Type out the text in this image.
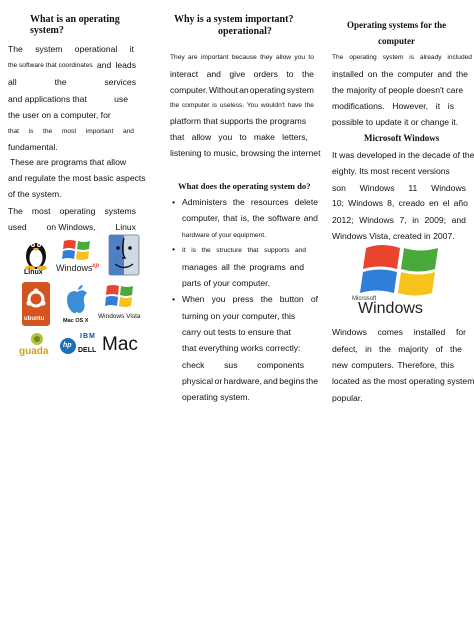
What is an operating system?
The system operational it
the software that coordinates and leads
all	the	services
and applications that	use
the user on a computer, for
that is the most important and
fundamental.
These are programs that allow
and regulate the most basic aspects
of the system.
The most operating systems
used on Windows, Linux
Linux Windows xp
ubuntu	Mac OS X
Windows Vista
guada
hp
IBM
DELL Mac
Why is a system important?
operational?
They are important because they allow you to
interact and give orders to the
computer. Without an operating system
the computer is useless. You wouldn't have the
platform that supports the programs
that allow you to make letters,
listening to music, browsing the internet
What does the operating system do?
Administers the resources delete
computer, that is, the software and
hardware of your equipment.
It is the structure that supports and
manages all the programs and
parts of your computer.
When you press the button of
turning on your computer, this
carry out tests to ensure that
that everything works correctly:
check sus components
physical or hardware, and begins the
operating system.
•
•
•
Operating systems for the
computer
The operating system is already included
installed on the computer and the
the majority of people doesn't care
modifications. However, it is
possible to update it or change it.
Microsoft Windows
It was developed in the decade of the
eighty. Its most recent versions
son Windows 11 Windows
10; Windows 8, creado en el año
2012; Windows 7, in 2009; and
Windows Vista, created in 2007.
Microsoft
Windows
Windows comes installed for
defect, in the majority of the
new computers. Therefore, this
located as the most operating system
popular.
